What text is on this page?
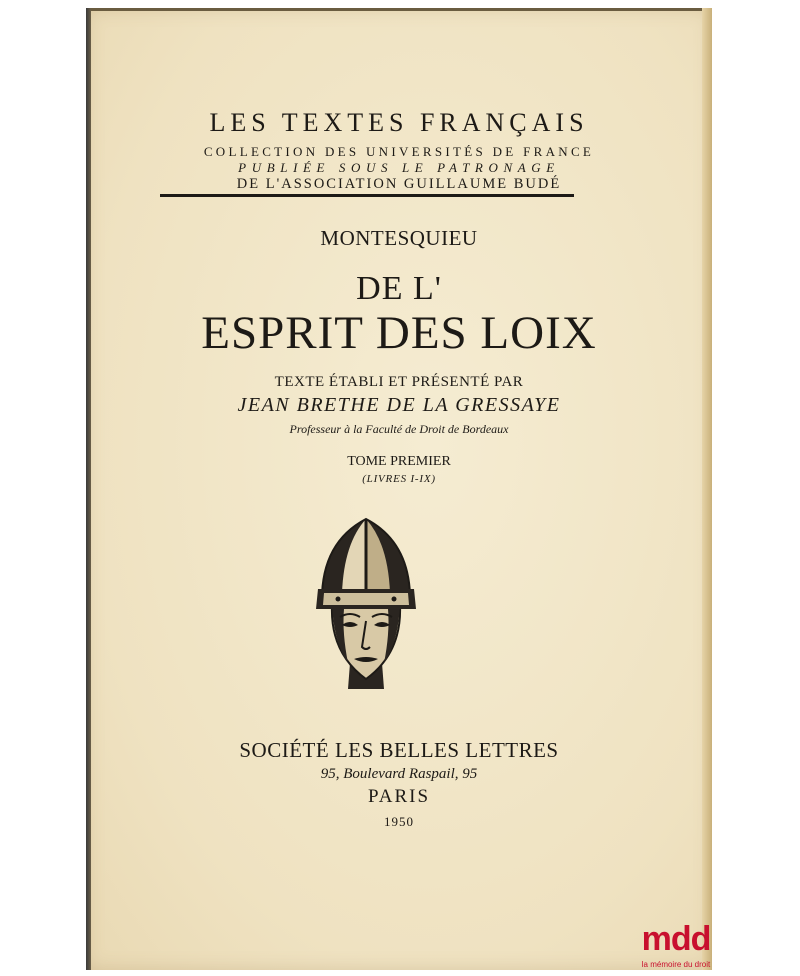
LES TEXTES FRANÇAIS
COLLECTION DES UNIVERSITÉS DE FRANCE
PUBLIÉE SOUS LE PATRONAGE
DE L'ASSOCIATION GUILLAUME BUDÉ
MONTESQUIEU
DE L'
ESPRIT DES LOIX
TEXTE ÉTABLI ET PRÉSENTÉ PAR
JEAN BRETHE DE LA GRESSAYE
Professeur à la Faculté de Droit de Bordeaux
TOME PREMIER
(LIVRES I-IX)
SOCIÉTÉ LES BELLES LETTRES
95, Boulevard Raspail, 95
PARIS
1950
mdd
la mémoire du droit
